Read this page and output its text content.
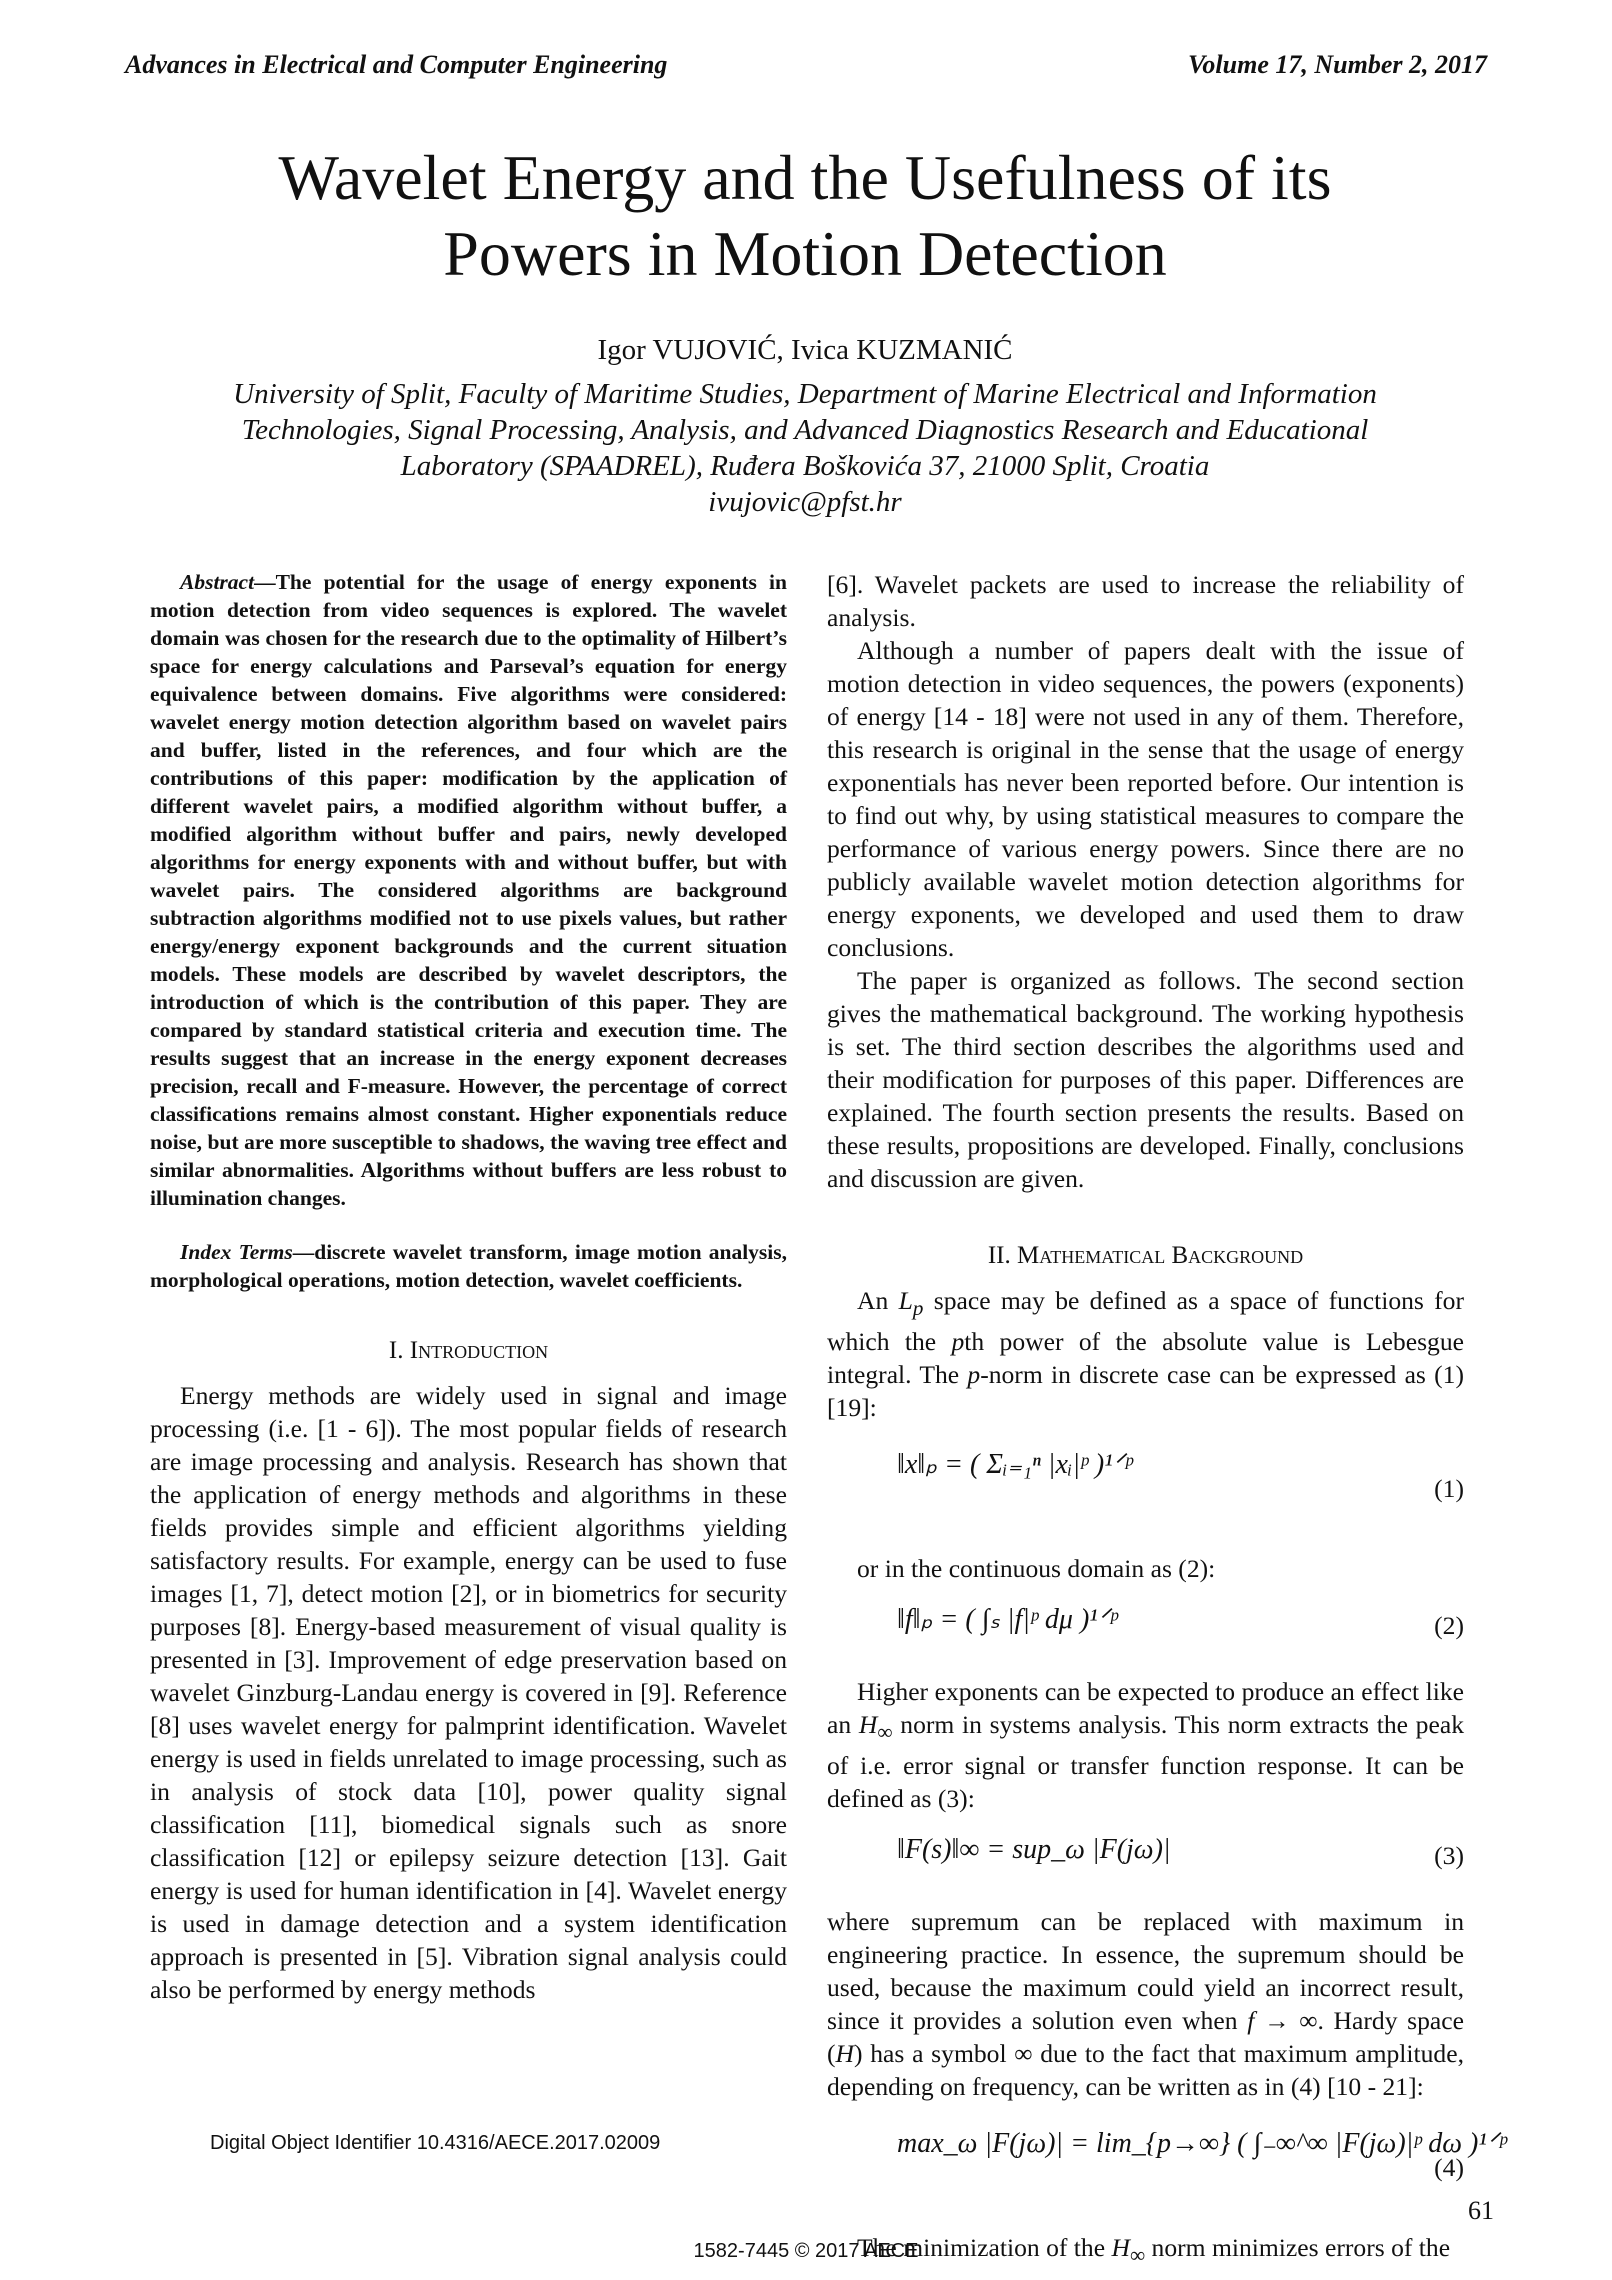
Advances in Electrical and Computer Engineering	Volume 17, Number 2, 2017
Wavelet Energy and the Usefulness of its
Powers in Motion Detection
Igor VUJOVIĆ, Ivica KUZMANIĆ
University of Split, Faculty of Maritime Studies, Department of Marine Electrical and Information
Technologies, Signal Processing, Analysis, and Advanced Diagnostics Research and Educational
Laboratory (SPAADREL), Ruđera Boškovića 37, 21000 Split, Croatia
ivujovic@pfst.hr

Abstract—The potential for the usage of energy exponents in motion detection from video sequences is explored. The wavelet domain was chosen for the research due to the optimality of Hilbert’s space for energy calculations and Parseval’s equation for energy equivalence between domains. Five algorithms were considered: wavelet energy motion detection algorithm based on wavelet pairs and buffer, listed in the references, and four which are the contributions of this paper: modification by the application of different wavelet pairs, a modified algorithm without buffer, a modified algorithm without buffer and pairs, newly developed algorithms for energy exponents with and without buffer, but with wavelet pairs. The considered algorithms are background subtraction algorithms modified not to use pixels values, but rather energy/energy exponent backgrounds and the current situation models. These models are described by wavelet descriptors, the introduction of which is the contribution of this paper. They are compared by standard statistical criteria and execution time. The results suggest that an increase in the energy exponent decreases precision, recall and F-measure. However, the percentage of correct classifications remains almost constant. Higher exponentials reduce noise, but are more susceptible to shadows, the waving tree effect and similar abnormalities. Algorithms without buffers are less robust to illumination changes.

Index Terms—discrete wavelet transform, image motion analysis, morphological operations, motion detection, wavelet coefficients.

I. Introduction

Energy methods are widely used in signal and image processing (i.e. [1 - 6]). The most popular fields of research are image processing and analysis. Research has shown that the application of energy methods and algorithms in these fields provides simple and efficient algorithms yielding satisfactory results. For example, energy can be used to fuse images [1, 7], detect motion [2], or in biometrics for security purposes [8]. Energy-based measurement of visual quality is presented in [3]. Improvement of edge preservation based on wavelet Ginzburg-Landau energy is covered in [9]. Reference [8] uses wavelet energy for palmprint identification. Wavelet energy is used in fields unrelated to image processing, such as in analysis of stock data [10], power quality signal classification [11], biomedical signals such as snore classification [12] or epilepsy seizure detection [13]. Gait energy is used for human identification in [4]. Wavelet energy is used in damage detection and a system identification approach is presented in [5]. Vibration signal analysis could also be performed by energy methods

[6]. Wavelet packets are used to increase the reliability of analysis.

Although a number of papers dealt with the issue of motion detection in video sequences, the powers (exponents) of energy [14 - 18] were not used in any of them. Therefore, this research is original in the sense that the usage of energy exponentials has never been reported before. Our intention is to find out why, by using statistical measures to compare the performance of various energy powers. Since there are no publicly available wavelet motion detection algorithms for energy exponents, we developed and used them to draw conclusions.

The paper is organized as follows. The second section gives the mathematical background. The working hypothesis is set. The third section describes the algorithms used and their modification for purposes of this paper. Differences are explained. The fourth section presents the results. Based on these results, propositions are developed. Finally, conclusions and discussion are given.

II. Mathematical Background

An $L_p$ space may be defined as a space of functions for which the pth power of the absolute value is Lebesgue integral. The p-norm in discrete case can be expressed as (1) [19]:

‖x‖ₚ = ( Σᵢ₌₁ⁿ |xᵢ|ᵖ )¹ᐟᵖ
(1)

or in the continuous domain as (2):

‖f‖ₚ = ( ∫ₛ |f|ᵖ dμ )¹ᐟᵖ	(2)

Higher exponents can be expected to produce an effect like an $H_\infty$ norm in systems analysis. This norm extracts the peak of i.e. error signal or transfer function response. It can be defined as (3):

‖F(s)‖∞ = sup_ω |F(jω)|	(3)

where supremum can be replaced with maximum in engineering practice. In essence, the supremum should be used, because the maximum could yield an incorrect result, since it provides a solution even when f → ∞. Hardy space (H) has a symbol ∞ due to the fact that maximum amplitude, depending on frequency, can be written as in (4) [10 - 21]:

max_ω |F(jω)| = lim_{p→∞} ( ∫₋∞^∞ |F(jω)|ᵖ dω )¹ᐟᵖ
(4)

The minimization of the $H_\infty$ norm minimizes errors of the

Digital Object Identifier 10.4316/AECE.2017.02009
61
1582-7445 © 2017 AECE
